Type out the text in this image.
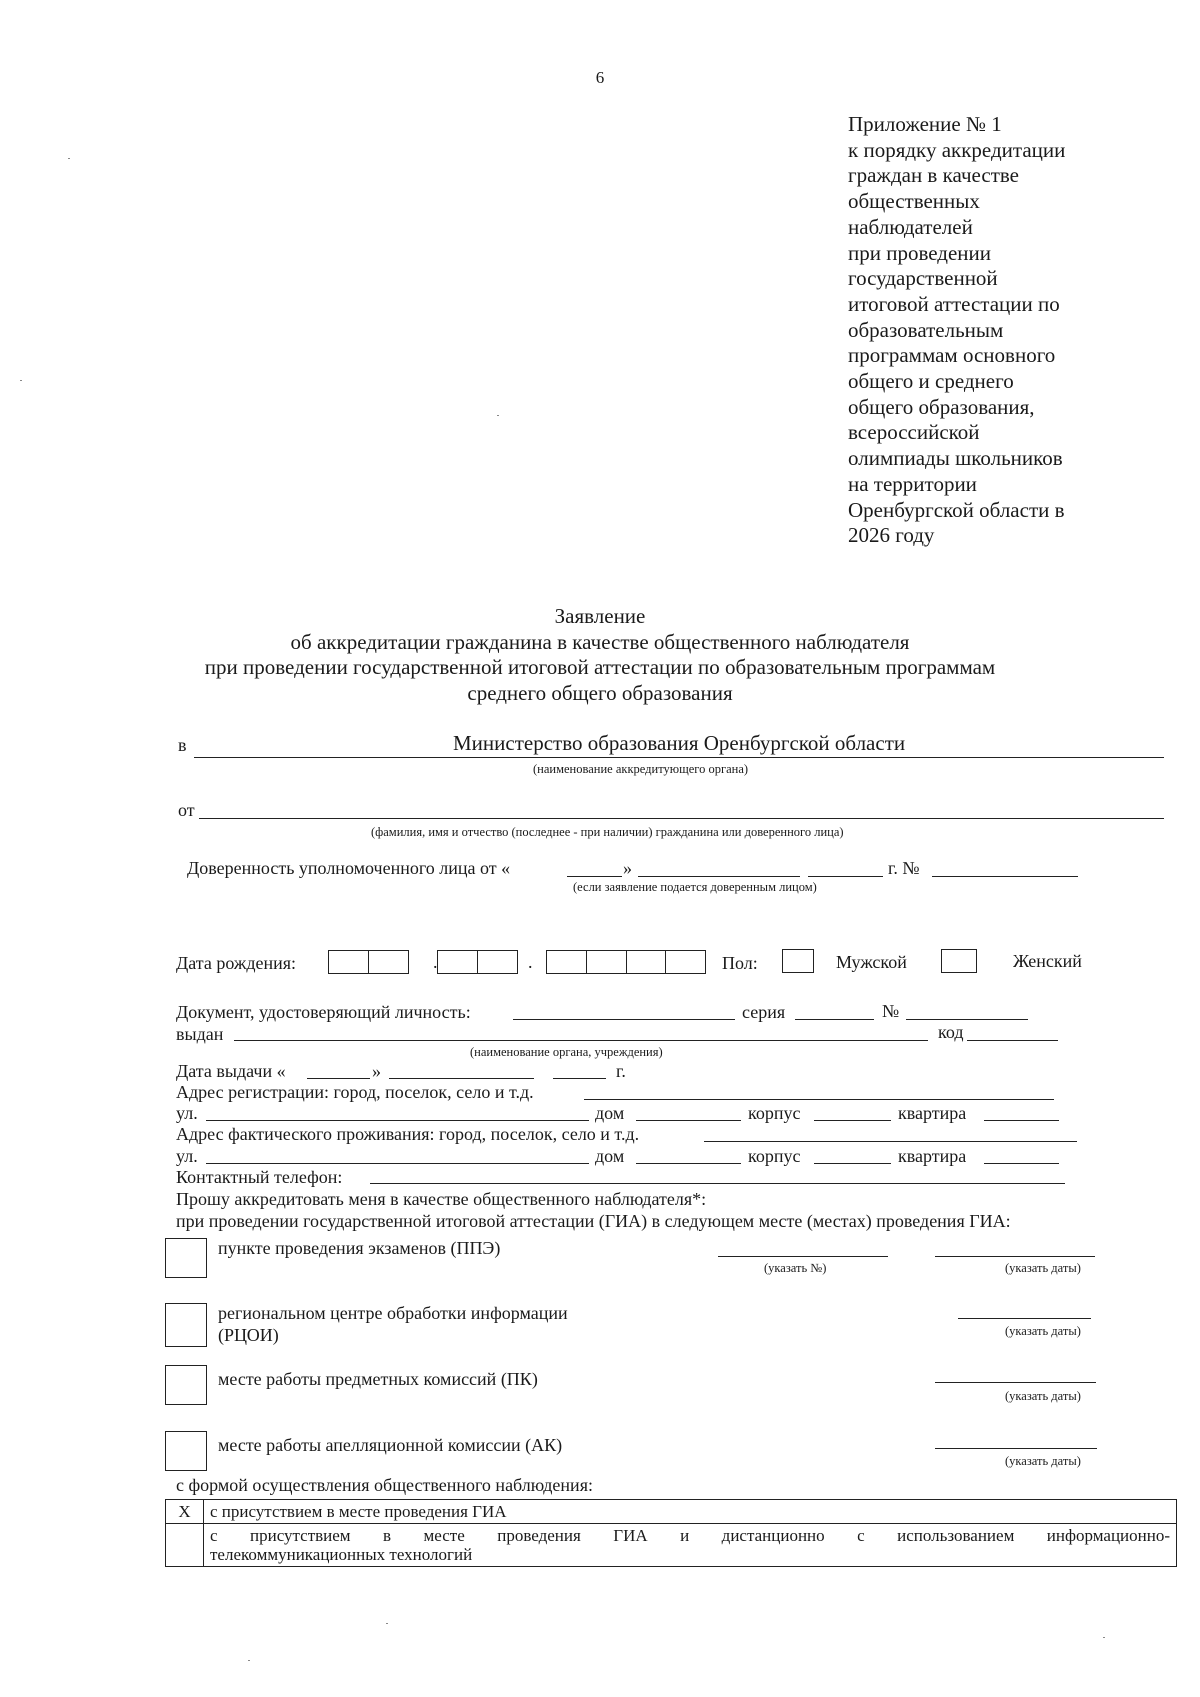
6
Приложение № 1
к порядку аккредитации
граждан в качестве
общественных
наблюдателей
при проведении
государственной
итоговой аттестации по
образовательным
программам основного
общего и среднего
общего образования,
всероссийской
олимпиады школьников
на территории
Оренбургской области в
2026 году
Заявление
об аккредитации гражданина в качестве общественного наблюдателя
при проведении государственной итоговой аттестации по образовательным программам
среднего общего образования
в	Министерство образования Оренбургской области
(наименование аккредитующего органа)
от
(фамилия, имя и отчество (последнее - при наличии) гражданина или доверенного лица)
Доверенность уполномоченного лица от «	»	г. №
(если заявление подается доверенным лицом)
Дата рождения:	.	.	Пол:	Мужской	Женский
Документ, удостоверяющий личность:	серия	№
выдан	код
(наименование органа, учреждения)
Дата выдачи «	»	г.
Адрес регистрации: город, поселок, село и т.д.
ул.	дом	корпус	квартира
Адрес фактического проживания: город, поселок, село и т.д.
ул.	дом	корпус	квартира
Контактный телефон:
Прошу аккредитовать меня в качестве общественного наблюдателя*:
при проведении государственной итоговой аттестации (ГИА) в следующем месте (местах) проведения ГИА:
пункте проведения экзаменов (ППЭ)
(указать №)	(указать даты)
региональном центре обработки информации
(РЦОИ)	(указать даты)
месте работы предметных комиссий (ПК)
(указать даты)
месте работы апелляционной комиссии (АК)
(указать даты)
с формой осуществления общественного наблюдения:
Х	с присутствием в месте проведения ГИА

	с присутствием в месте проведения ГИА и дистанционно с использованием информационно-
телекоммуникационных технологий
